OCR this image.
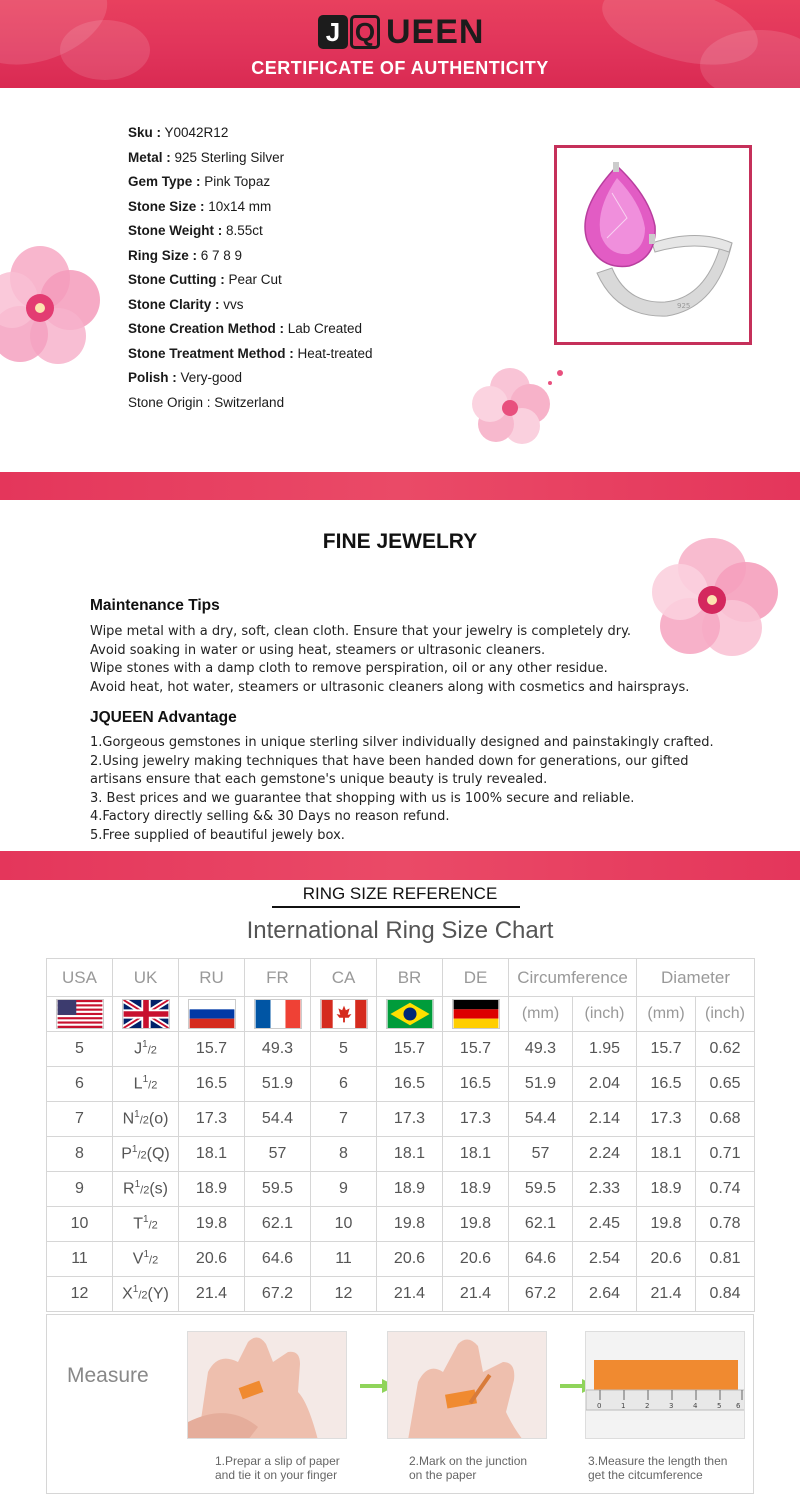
J Q UEEN
CERTIFICATE OF AUTHENTICITY
Sku : Y0042R12
Metal : 925 Sterling Silver
Gem Type : Pink Topaz
Stone Size : 10x14 mm
Stone Weight : 8.55ct
Ring Size : 6 7 8 9
Stone Cutting : Pear Cut
Stone Clarity : vvs
Stone Creation Method : Lab Created
Stone Treatment Method : Heat-treated
Polish : Very-good
Stone Origin : Switzerland
925
FINE JEWELRY
Maintenance Tips
Wipe metal with a dry, soft, clean cloth. Ensure that your jewelry is completely dry.
Avoid soaking in water or using heat, steamers or ultrasonic cleaners.
Wipe stones with a damp cloth to remove perspiration, oil or any other residue.
Avoid heat, hot water, steamers or ultrasonic cleaners along with cosmetics and hairsprays.
JQUEEN Advantage
1.Gorgeous gemstones in unique sterling silver individually designed and painstakingly crafted.
2.Using jewelry making techniques that have been handed down for generations, our gifted
artisans ensure that each gemstone's unique beauty is truly revealed.
3. Best prices and we guarantee that shopping with us is 100% secure and reliable.
4.Factory directly selling && 30 Days no reason refund.
5.Free supplied of beautiful jewely box.
RING SIZE REFERENCE
International Ring Size Chart
USA	UK	RU	FR	CA	BR	DE	Circumference		Diameter	
							(mm)	(inch)	(mm)	(inch)
5	$J^1/2$	15.7	49.3	5	15.7	15.7	49.3	1.95	15.7	0.62
6	$L^1/2$	16.5	51.9	6	16.5	16.5	51.9	2.04	16.5	0.65
7	$N^1/2(o)$	17.3	54.4	7	17.3	17.3	54.4	2.14	17.3	0.68
8	$P^1/2(Q)$	18.1	57	8	18.1	18.1	57	2.24	18.1	0.71
9	$R^1/2(s)$	18.9	59.5	9	18.9	18.9	59.5	2.33	18.9	0.74
10	$T^1/2$	19.8	62.1	10	19.8	19.8	62.1	2.45	19.8	0.78
11	$V^1/2$	20.6	64.6	11	20.6	20.6	64.6	2.54	20.6	0.81
12	$X^1/2(Y)$	21.4	67.2	12	21.4	21.4	67.2	2.64	21.4	0.84
Measure
0	1	2	3	4	5 6
1.Prepar a slip of paper
and tie it on your finger
2.Mark on the junction
on the paper
3.Measure the length then
get the citcumference
